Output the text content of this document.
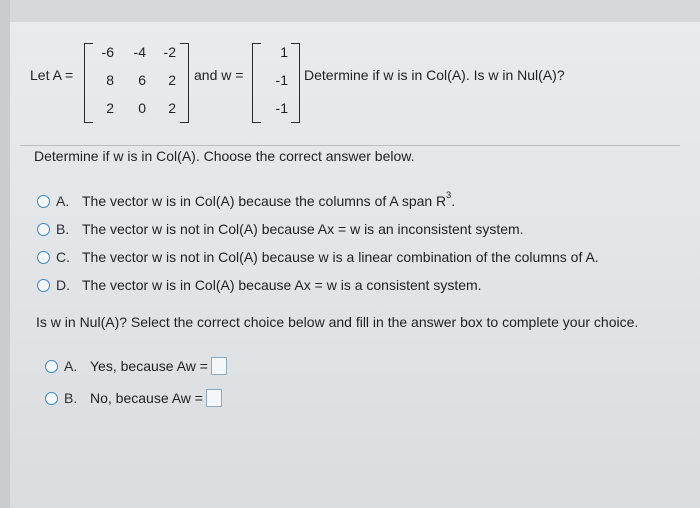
Let A =
-6	-4	-2
8	6	2
2	0	2
and w =
1
-1
-1
Determine if w is in Col(A). Is w in Nul(A)?
Determine if w is in Col(A). Choose the correct answer below.
A. The vector w is in Col(A) because the columns of A span R 3 .
B. The vector w is not in Col(A) because Ax = w is an inconsistent system.
C. The vector w is not in Col(A) because w is a linear combination of the columns of A.
D. The vector w is in Col(A) because Ax = w is a consistent system.
Is w in Nul(A)? Select the correct choice below and fill in the answer box to complete your choice.
A. Yes, because Aw =
B. No, because Aw =
